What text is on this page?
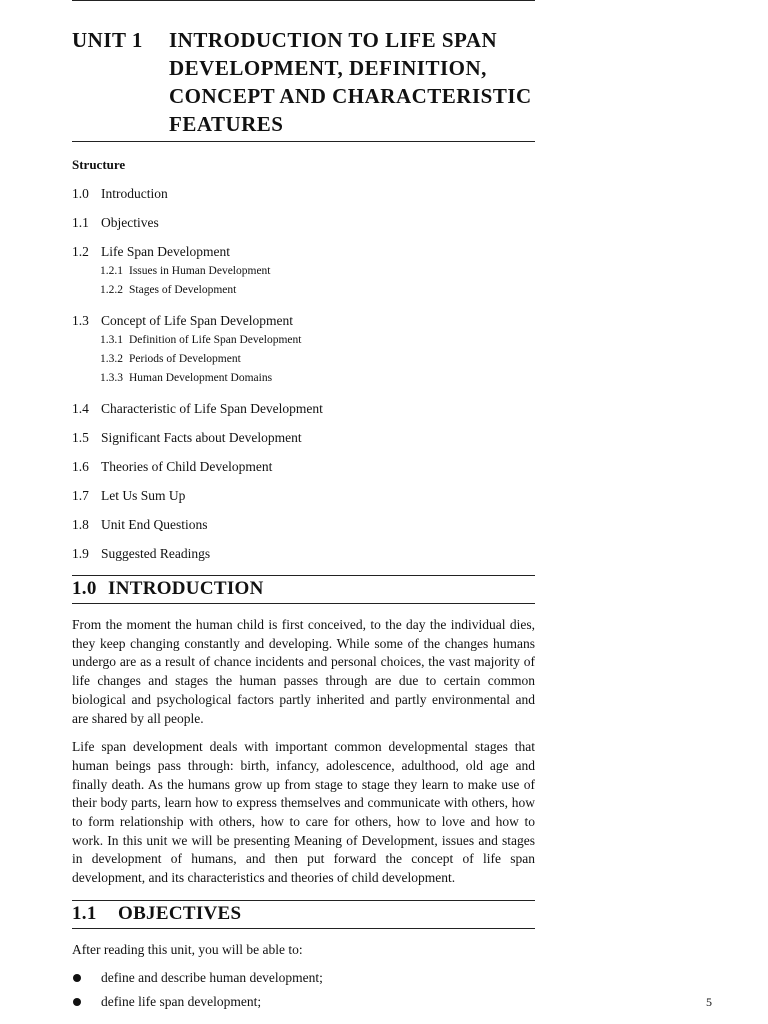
UNIT 1	INTRODUCTION TO LIFE SPAN
DEVELOPMENT, DEFINITION,
CONCEPT AND CHARACTERISTIC
FEATURES
Structure
1.0 Introduction
1.1 Objectives
1.2 Life Span Development
1.2.1 Issues in Human Development
1.2.2 Stages of Development
1.3 Concept of Life Span Development
1.3.1 Definition of Life Span Development
1.3.2 Periods of Development
1.3.3 Human Development Domains
1.4 Characteristic of Life Span Development
1.5 Significant Facts about Development
1.6 Theories of Child Development
1.7 Let Us Sum Up
1.8 Unit End Questions
1.9 Suggested Readings
1.0 INTRODUCTION

From the moment the human child is first conceived, to the day the individual dies, they keep changing constantly and developing. While some of the changes humans undergo are as a result of chance incidents and personal choices, the vast majority of life changes and stages the human passes through are due to certain common biological and psychological factors partly inherited and partly environmental and are shared by all people.

Life span development deals with important common developmental stages that human beings pass through: birth, infancy, adolescence, adulthood, old age and finally death. As the humans grow up from stage to stage they learn to make use of their body parts, learn how to express themselves and communicate with others, how to form relationship with others, how to care for others, how to love and how to work. In this unit we will be presenting Meaning of Development, issues and stages in development of humans, and then put forward the concept of life span development, and its characteristics and theories of child development.

1.1 OBJECTIVES

After reading this unit, you will be able to:

define and describe human development;
define life span development;	5
